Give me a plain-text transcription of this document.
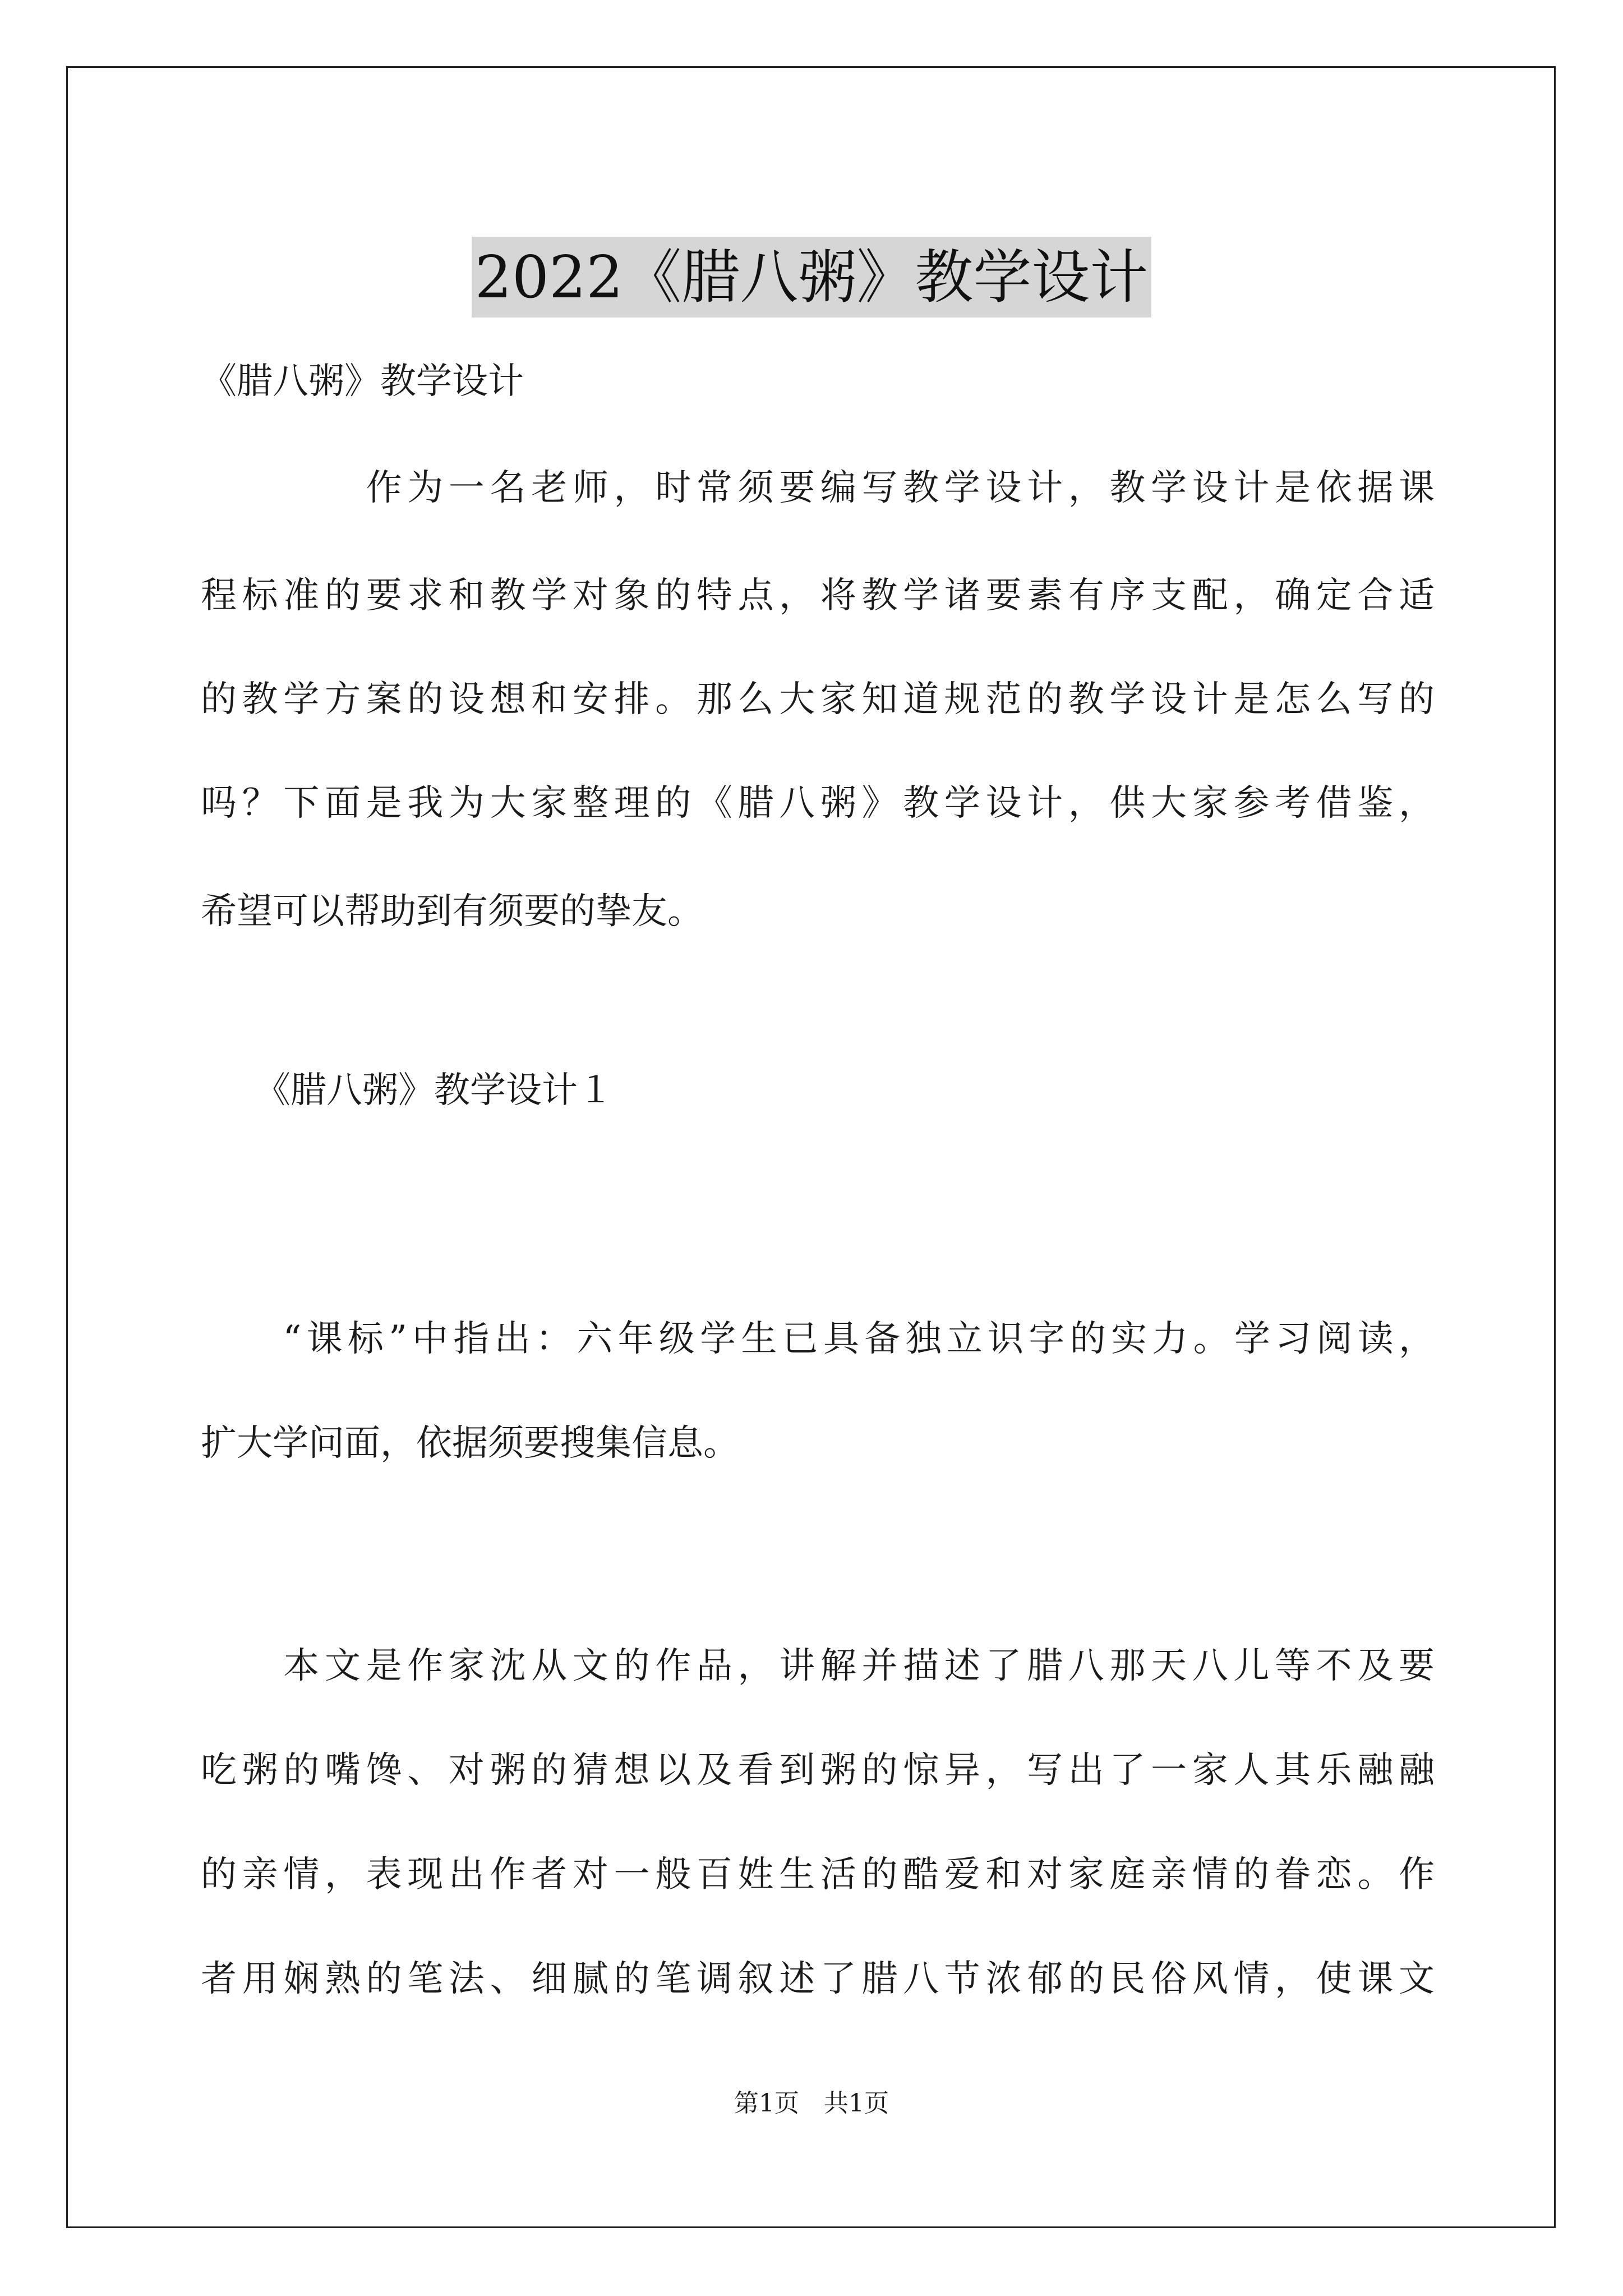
2022《腊八粥》教学设计
《腊八粥》教学设计
　　　　作为一名老师，时常须要编写教学设计，教学设计是依据课
程标准的要求和教学对象的特点，将教学诸要素有序支配，确定合适
的教学方案的设想和安排。那么大家知道规范的教学设计是怎么写的
吗？下面是我为大家整理的《腊八粥》教学设计，供大家参考借鉴，
希望可以帮助到有须要的挚友。
　　《腊八粥》教学设计１
　　“课标”中指出：六年级学生已具备独立识字的实力。学习阅读，
扩大学问面，依据须要搜集信息。
　　本文是作家沈从文的作品，讲解并描述了腊八那天八儿等不及要
吃粥的嘴馋、对粥的猜想以及看到粥的惊异，写出了一家人其乐融融
的亲情，表现出作者对一般百姓生活的酷爱和对家庭亲情的眷恋。作
者用娴熟的笔法、细腻的笔调叙述了腊八节浓郁的民俗风情，使课文
第1页　共1页
